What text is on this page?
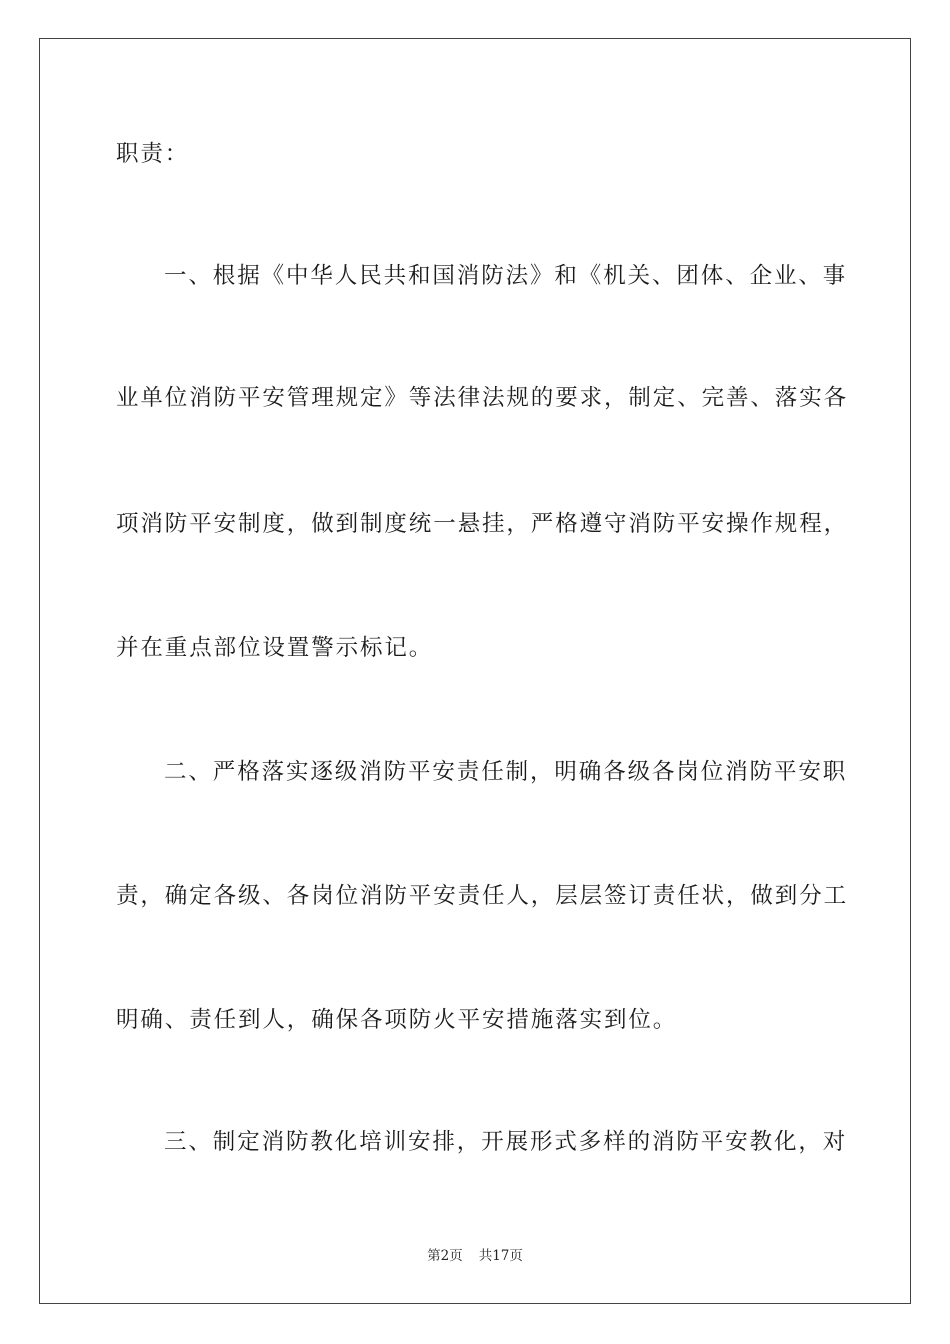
职责：
一、根据《中华人民共和国消防法》和《机关、团体、企业、事
业单位消防平安管理规定》等法律法规的要求，制定、完善、落实各
项消防平安制度，做到制度统一悬挂，严格遵守消防平安操作规程，
并在重点部位设置警示标记。
二、严格落实逐级消防平安责任制，明确各级各岗位消防平安职
责，确定各级、各岗位消防平安责任人，层层签订责任状，做到分工
明确、责任到人，确保各项防火平安措施落实到位。
三、制定消防教化培训安排，开展形式多样的消防平安教化，对
第2页 共17页
